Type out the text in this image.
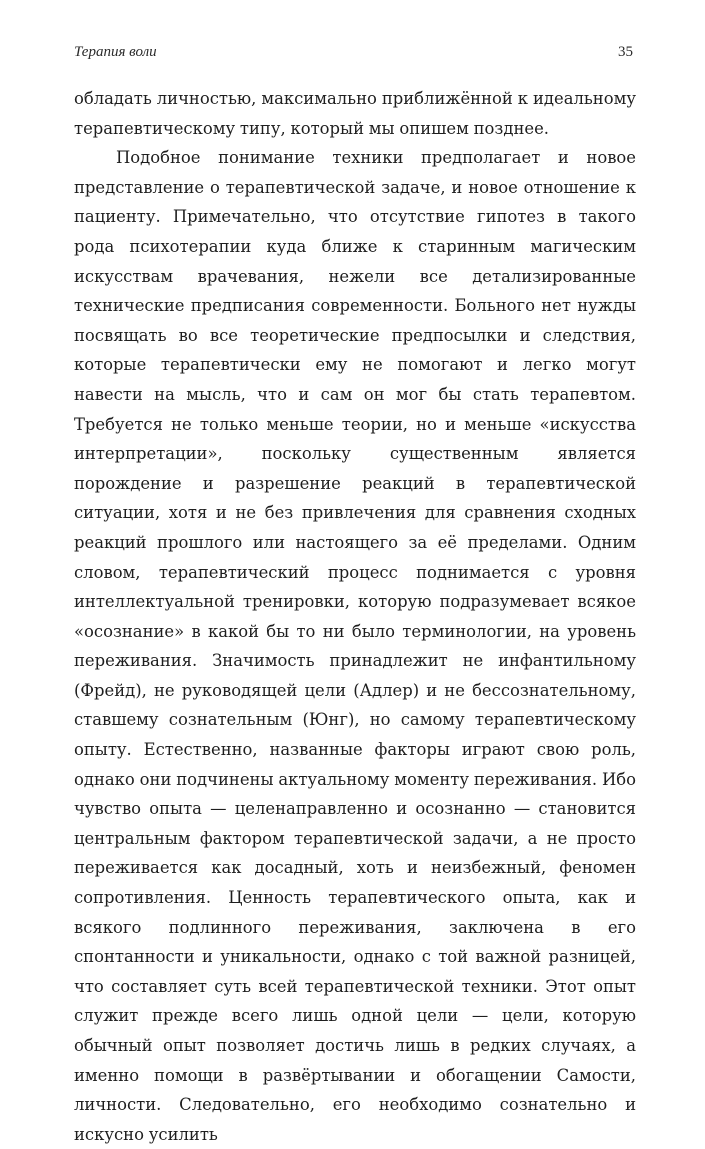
Терапия воли	35

обладать личностью, максимально приближённой к идеальному терапевтическому типу, который мы опишем позднее.

Подобное понимание техники предполагает и новое представление о терапевтической задаче, и новое отношение к пациенту. Примечательно, что отсутствие гипотез в такого рода психотерапии куда ближе к старинным магическим искусствам врачевания, нежели все детализированные технические предписания современности. Больного нет нужды посвящать во все теоретические предпосылки и следствия, которые терапевтически ему не помогают и легко могут навести на мысль, что и сам он мог бы стать терапевтом. Требуется не только меньше теории, но и меньше «искусства интерпретации», поскольку существенным является порождение и разрешение реакций в терапевтической ситуации, хотя и не без привлечения для сравнения сходных реакций прошлого или настоящего за её пределами. Одним словом, терапевтический процесс поднимается с уровня интеллектуальной тренировки, которую подразумевает всякое «осознание» в какой бы то ни было терминологии, на уровень переживания. Значимость принадлежит не инфантильному (Фрейд), не руководящей цели (Адлер) и не бессознательному, ставшему сознательным (Юнг), но самому терапевтическому опыту. Естественно, названные факторы играют свою роль, однако они подчинены актуальному моменту переживания. Ибо чувство опыта — целенаправленно и осознанно — становится центральным фактором терапевтической задачи, а не просто переживается как досадный, хоть и неизбежный, феномен сопротивления. Ценность терапевтического опыта, как и всякого подлинного переживания, заключена в его спонтанности и уникальности, однако с той важной разницей, что составляет суть всей терапевтической техники. Этот опыт служит прежде всего лишь одной цели — цели, которую обычный опыт позволяет достичь лишь в редких случаях, а именно помощи в развёртывании и обогащении Самости, личности. Следовательно, его необходимо сознательно и искусно усилить
